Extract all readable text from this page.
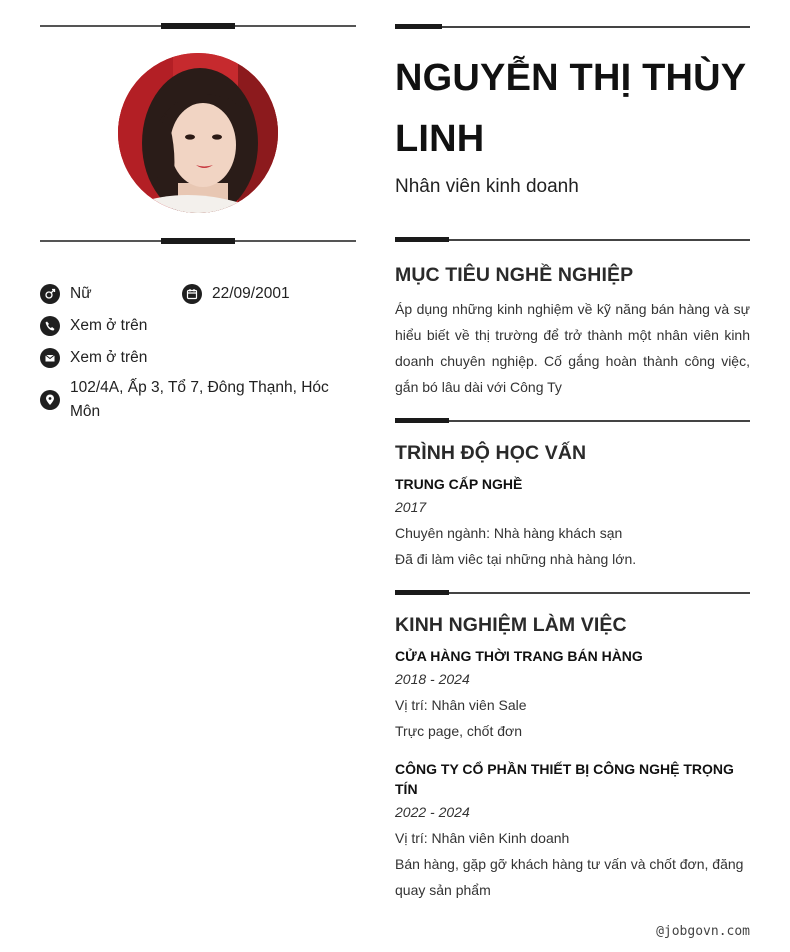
Nữ	22/09/2001
Xem ở trên
Xem ở trên
102/4A, Ấp 3, Tổ 7, Đông Thạnh, Hóc Môn
NGUYỄN THỊ THÙY LINH
Nhân viên kinh doanh
MỤC TIÊU NGHỀ NGHIỆP
Áp dụng những kinh nghiệm về kỹ năng bán hàng và sự hiểu biết về thị trường để trở thành một nhân viên kinh doanh chuyên nghiệp. Cố gắng hoàn thành công việc, gắn bó lâu dài với Công Ty
TRÌNH ĐỘ HỌC VẤN
TRUNG CẤP NGHỀ
2017
Chuyên ngành: Nhà hàng khách sạn
Đã đi làm viêc tại những nhà hàng lớn.
KINH NGHIỆM LÀM VIỆC
CỬA HÀNG THỜI TRANG BÁN HÀNG
2018 - 2024
Vị trí: Nhân viên Sale
Trực page, chốt đơn
CÔNG TY CỔ PHẦN THIẾT BỊ CÔNG NGHỆ TRỌNG TÍN
2022 - 2024
Vị trí: Nhân viên Kinh doanh
Bán hàng, gặp gỡ khách hàng tư vấn và chốt đơn, đăng quay sản phẩm
@jobgovn.com
